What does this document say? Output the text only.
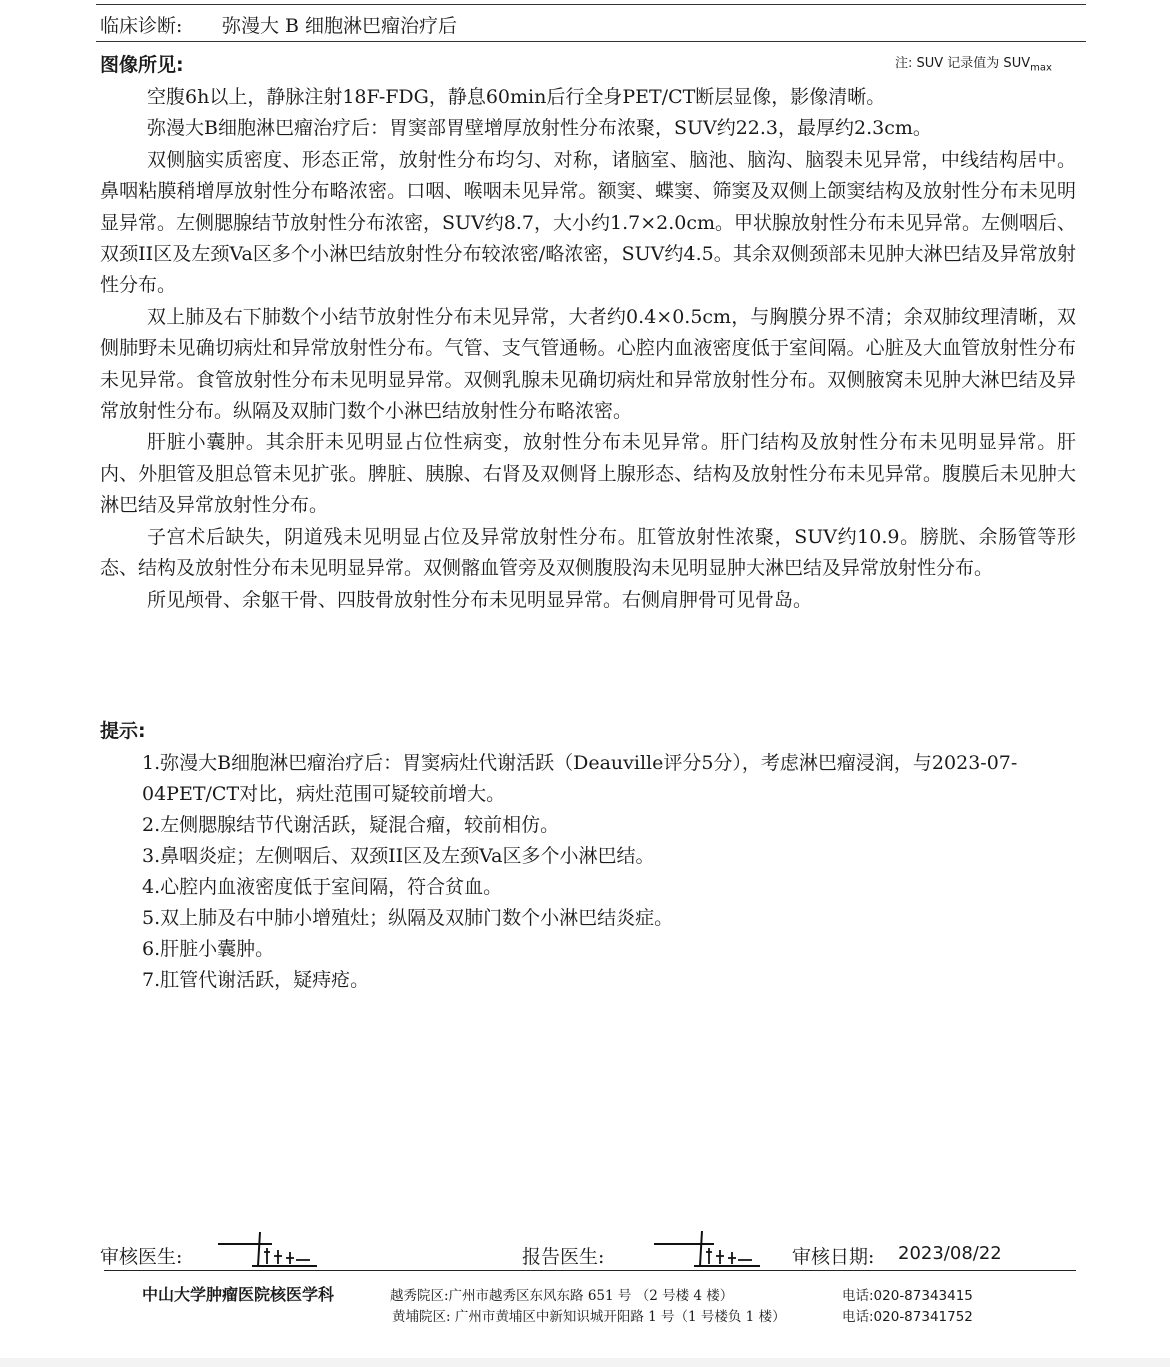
临床诊断: 弥漫大 B 细胞淋巴瘤治疗后
图像所见:	注: SUV 记录值为 $SUV_{max}$

空腹6h以上，静脉注射18F-FDG，静息60min后行全身PET/CT断层显像，影像清晰。

弥漫大B细胞淋巴瘤治疗后：胃窦部胃壁增厚放射性分布浓聚，SUV约22.3，最厚约2.3cm。

双侧脑实质密度、形态正常，放射性分布均匀、对称，诸脑室、脑池、脑沟、脑裂未见异常，中线结构居中。鼻咽粘膜稍增厚放射性分布略浓密。口咽、喉咽未见异常。额窦、蝶窦、筛窦及双侧上颌窦结构及放射性分布未见明显异常。左侧腮腺结节放射性分布浓密，SUV约8.7，大小约1.7×2.0cm。甲状腺放射性分布未见异常。左侧咽后、双颈II区及左颈Va区多个小淋巴结放射性分布较浓密/略浓密，SUV约4.5。其余双侧颈部未见肿大淋巴结及异常放射性分布。

双上肺及右下肺数个小结节放射性分布未见异常，大者约0.4×0.5cm，与胸膜分界不清；余双肺纹理清晰，双侧肺野未见确切病灶和异常放射性分布。气管、支气管通畅。心腔内血液密度低于室间隔。心脏及大血管放射性分布未见异常。食管放射性分布未见明显异常。双侧乳腺未见确切病灶和异常放射性分布。双侧腋窝未见肿大淋巴结及异常放射性分布。纵隔及双肺门数个小淋巴结放射性分布略浓密。

肝脏小囊肿。其余肝未见明显占位性病变，放射性分布未见异常。肝门结构及放射性分布未见明显异常。肝内、外胆管及胆总管未见扩张。脾脏、胰腺、右肾及双侧肾上腺形态、结构及放射性分布未见异常。腹膜后未见肿大淋巴结及异常放射性分布。

子宫术后缺失，阴道残未见明显占位及异常放射性分布。肛管放射性浓聚，SUV约10.9。膀胱、余肠管等形态、结构及放射性分布未见明显异常。双侧髂血管旁及双侧腹股沟未见明显肿大淋巴结及异常放射性分布。

所见颅骨、余躯干骨、四肢骨放射性分布未见明显异常。右侧肩胛骨可见骨岛。

提示:

1.弥漫大B细胞淋巴瘤治疗后：胃窦病灶代谢活跃（Deauville评分5分），考虑淋巴瘤浸润，与2023-07-04PET/CT对比，病灶范围可疑较前增大。

2.左侧腮腺结节代谢活跃，疑混合瘤，较前相仿。

3.鼻咽炎症；左侧咽后、双颈II区及左颈Va区多个小淋巴结。

4.心腔内血液密度低于室间隔，符合贫血。

5.双上肺及右中肺小增殖灶；纵隔及双肺门数个小淋巴结炎症。

6.肝脏小囊肿。

7.肛管代谢活跃，疑痔疮。

审核医生:	报告医生:	审核日期: 2023/08/22
中山大学肿瘤医院核医学科	越秀院区:广州市越秀区东风东路 651 号 （2 号楼 4 楼）	电话:020-87343415
黄埔院区: 广州市黄埔区中新知识城开阳路 1 号（1 号楼负 1 楼）	电话:020-87341752
